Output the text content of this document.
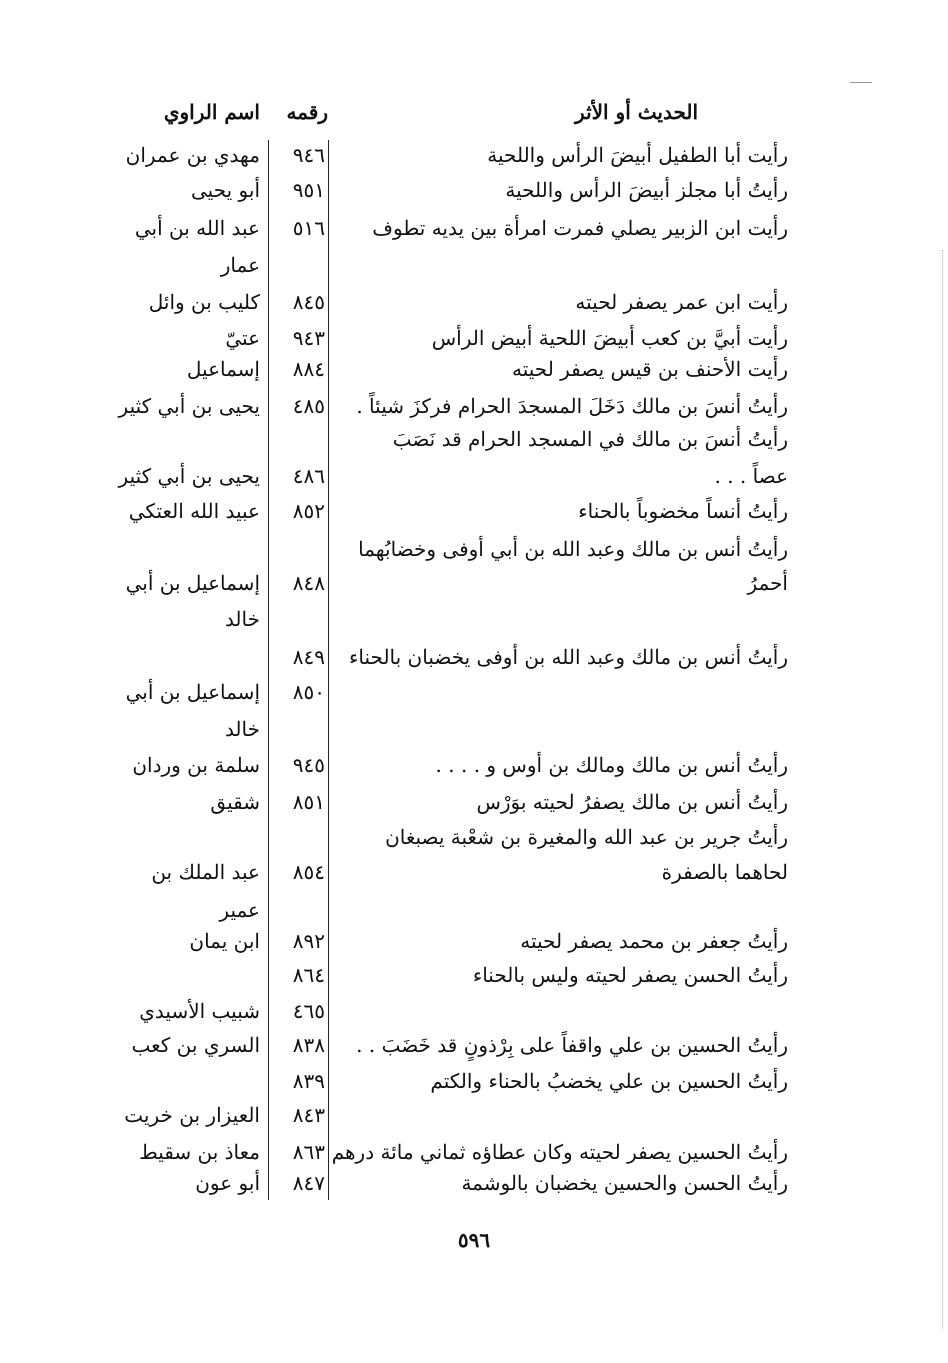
الحديث أو الأثر
رقمه
اسم الراوي
رأيت أبا الطفيل أبيضَ الرأس واللحية
٩٤٦
مهدي بن عمران
رأيتُ أبا مجلز أبيضَ الرأس واللحية
٩٥١
أبو يحيى
رأيت ابن الزبير يصلي فمرت امرأة بين يديه تطوف
٥١٦
عبد الله بن أبي
عمار
رأيت ابن عمر يصفر لحيته
٨٤٥
كليب بن وائل
رأيت أبيَّ بن كعب أبيضَ اللحية أبيض الرأس
٩٤٣
عتيّ
رأيت الأحنف بن قيس يصفر لحيته
٨٨٤
إسماعيل
رأيتُ أنسَ بن مالك دَخَلَ المسجدَ الحرام فركزَ شيئاً .
٤٨٥
يحيى بن أبي كثير
رأيتُ أنسَ بن مالك في المسجد الحرام قد نَصَبَ
عصاً . . .
٤٨٦
يحيى بن أبي كثير
رأيتُ أنساً مخضوباً بالحناء
٨٥٢
عبيد الله العتكي
رأيتُ أنس بن مالك وعبد الله بن أبي أوفى وخضابُهما
أحمرُ
٨٤٨
إسماعيل بن أبي
خالد
رأيتُ أنس بن مالك وعبد الله بن أوفى يخضبان بالحناء
٨٤٩
٨٥٠
إسماعيل بن أبي
خالد
رأيتُ أنس بن مالك ومالك بن أوس و . . . .
٩٤٥
سلمة بن وردان
رأيتُ أنس بن مالك يصفرُ لحيته بوَرْس
٨٥١
شقيق
رأيتُ جرير بن عبد الله والمغيرة بن شعْبة يصبغان
لحاهما بالصفرة
٨٥٤
عبد الملك بن
عمير
رأيتُ جعفر بن محمد يصفر لحيته
٨٩٢
ابن يمان
رأيتُ الحسن يصفر لحيته وليس بالحناء
٨٦٤
٤٦٥
شبيب الأسيدي
رأيتُ الحسين بن علي واقفاً على بِرْذونٍ قد خَضَبَ . .
٨٣٨
السري بن كعب
رأيتُ الحسين بن علي يخضبُ بالحناء والكتم
٨٣٩
٨٤٣
العيزار بن خريت
رأيتُ الحسين يصفر لحيته وكان عطاؤه ثماني مائة درهم
٨٦٣
معاذ بن سقيط
رأيتُ الحسن والحسين يخضبان بالوشمة
٨٤٧
أبو عون
٥٩٦
